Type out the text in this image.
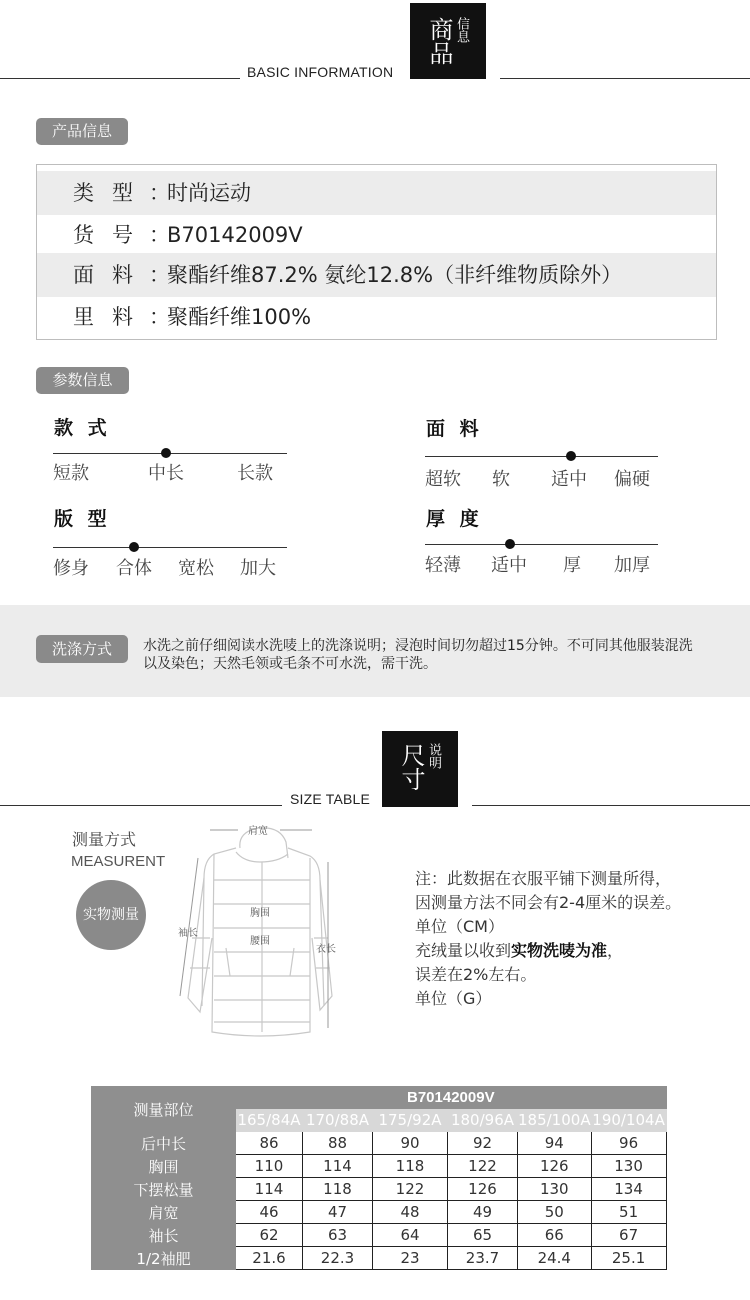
BASIC INFORMATION
商品 信息
产品信息
类型
：
时尚运动
货号
：
B70142009V
面料
：
聚酯纤维87.2% 氨纶12.8%（非纤维物质除外）
里料
：
聚酯纤维100%
参数信息
款 式
短款	中长	长款
面 料
超软 软 适中 偏硬
版 型
修身 合体 宽松 加大
厚 度
轻薄 适中 厚 加厚
洗涤方式	水洗之前仔细阅读水洗唛上的洗涤说明；浸泡时间切勿超过15分钟。不可同其他服装混洗以及染色；天然毛领或毛条不可水洗，需干洗。
SIZE TABLE
尺寸 说明
测量方式
MEASURENT
实物测量
肩宽
胸围
腰围
袖长
衣长
注：此数据在衣服平铺下测量所得，
因测量方法不同会有2-4厘米的误差。
单位（CM）
充绒量以收到实物洗唛为准，
误差在2%左右。
单位（G）
测量部位	B70142009V					
	165/84A	170/88A	175/92A	180/96A	185/100A	190/104A
后中长	86	88	90	92	94	96
胸围	110	114	118	122	126	130
下摆松量	114	118	122	126	130	134
肩宽	46	47	48	49	50	51
袖长	62	63	64	65	66	67
1/2袖肥	21.6	22.3	23	23.7	24.4	25.1
